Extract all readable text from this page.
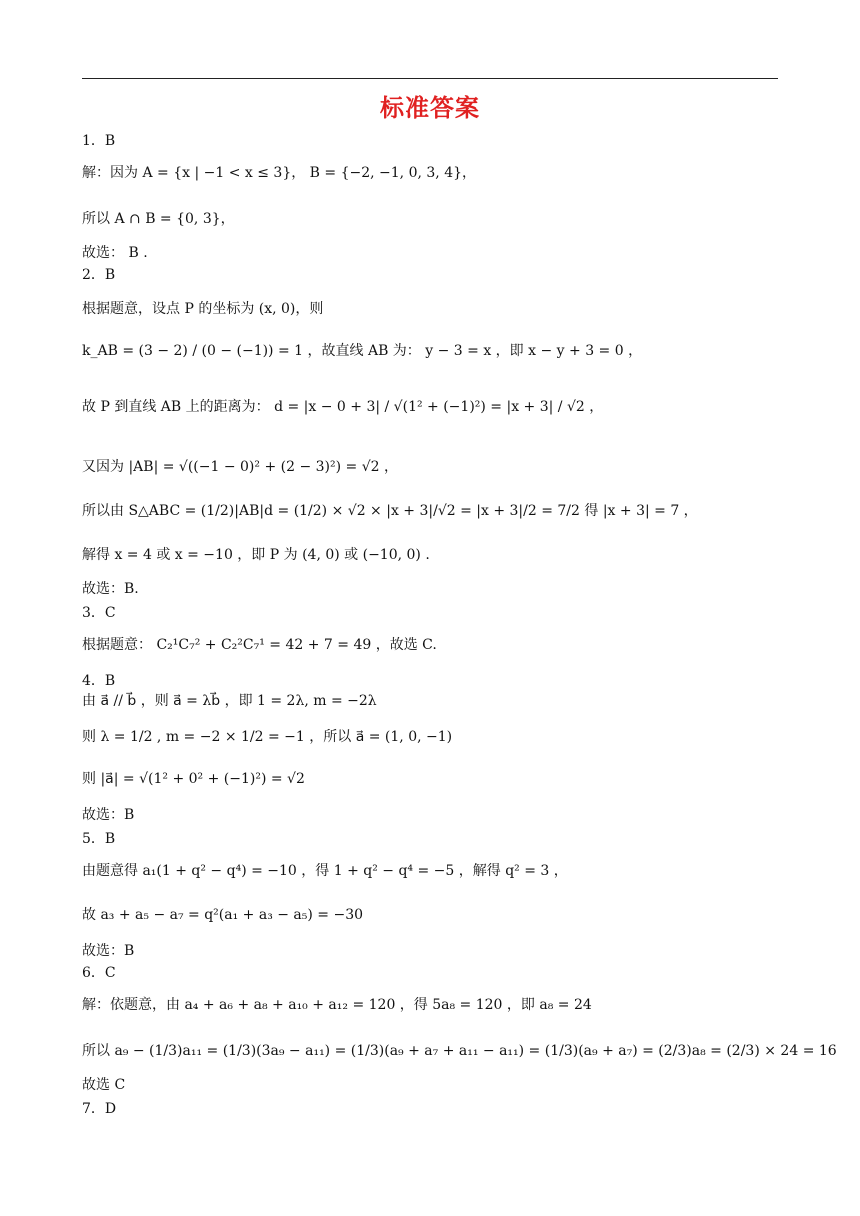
标准答案
1．B
解：因为 A = {x | −1 < x ≤ 3}， B = {−2, −1, 0, 3, 4}，
所以 A ∩ B = {0, 3}，
故选： B .
2．B
根据题意，设点 P 的坐标为 (x, 0)，则
k_AB = (3 − 2) / (0 − (−1)) = 1 ，故直线 AB 为： y − 3 = x ，即 x − y + 3 = 0 ，
故 P 到直线 AB 上的距离为： d = |x − 0 + 3| / √(1² + (−1)²) = |x + 3| / √2 ，
又因为 |AB| = √((−1 − 0)² + (2 − 3)²) = √2 ，
所以由 S△ABC = (1/2)|AB|d = (1/2) × √2 × |x + 3|/√2 = |x + 3|/2 = 7/2 得 |x + 3| = 7 ，
解得 x = 4 或 x = −10 ，即 P 为 (4, 0) 或 (−10, 0) .
故选：B.
3．C
根据题意： C₂¹C₇² + C₂²C₇¹ = 42 + 7 = 49 ，故选 C.
4．B
由 a⃗ // b⃗ ，则 a⃗ = λb⃗ ，即 1 = 2λ, m = −2λ
则 λ = 1/2 , m = −2 × 1/2 = −1 ，所以 a⃗ = (1, 0, −1)
则 |a⃗| = √(1² + 0² + (−1)²) = √2
故选：B
5．B
由题意得 a₁(1 + q² − q⁴) = −10 ，得 1 + q² − q⁴ = −5 ，解得 q² = 3 ，
故 a₃ + a₅ − a₇ = q²(a₁ + a₃ − a₅) = −30
故选：B
6．C
解：依题意，由 a₄ + a₆ + a₈ + a₁₀ + a₁₂ = 120 ，得 5a₈ = 120 ，即 a₈ = 24
所以 a₉ − (1/3)a₁₁ = (1/3)(3a₉ − a₁₁) = (1/3)(a₉ + a₇ + a₁₁ − a₁₁) = (1/3)(a₉ + a₇) = (2/3)a₈ = (2/3) × 24 = 16
故选 C
7．D
